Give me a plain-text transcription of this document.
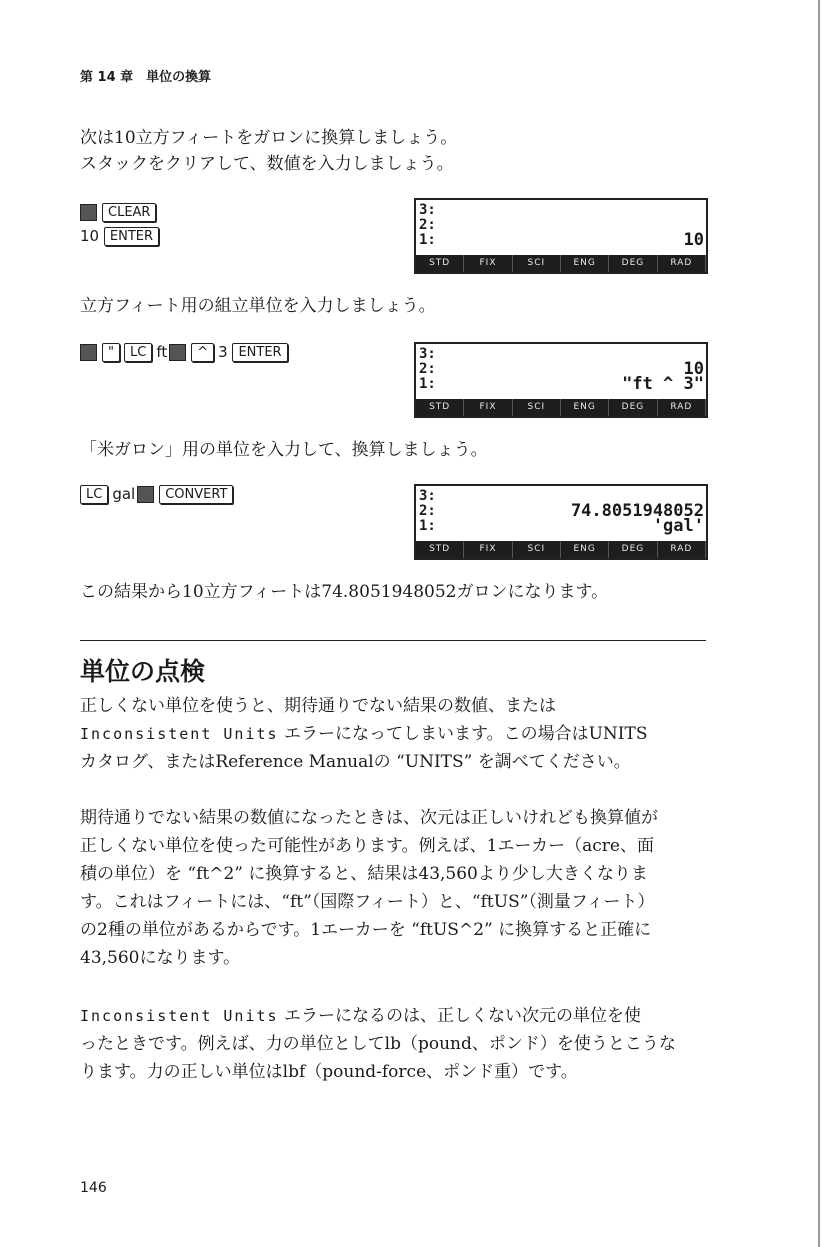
第 14 章　単位の換算

次は10立方フィートをガロンに換算しましょう。

スタックをクリアして、数値を入力しましょう。

CLEAR
10 ENTER
3:
2:
1:	10
STD	FIX	SCI	ENG	DEG	RAD

立方フィート用の組立単位を入力しましょう。

" LC ft ^ 3 ENTER	3:
2:	10
1:	"ft ^ 3"
STD	FIX	SCI	ENG	DEG	RAD

「米ガロン」用の単位を入力して、換算しましょう。

LC gal CONVERT	3:
2:	74.8051948052
1:	'gal'
STD	FIX	SCI	ENG	DEG	RAD

この結果から10立方フィートは74.8051948052ガロンになります。

単位の点検

正しくない単位を使うと、期待通りでない結果の数値、または

Inconsistent Units エラーになってしまいます。この場合はUNITS

カタログ、またはReference Manualの “UNITS” を調べてください。

期待通りでない結果の数値になったときは、次元は正しいけれども換算値が

正しくない単位を使った可能性があります。例えば、1エーカー（acre、面

積の単位）を “ft^2” に換算すると、結果は43,560より少し大きくなりま

す。これはフィートには、“ft”（国際フィート）と、“ftUS”（測量フィート）

の2種の単位があるからです。1エーカーを “ftUS^2” に換算すると正確に

43,560になります。

Inconsistent Units エラーになるのは、正しくない次元の単位を使

ったときです。例えば、力の単位としてlb（pound、ポンド）を使うとこうな

ります。力の正しい単位はlbf（pound-force、ポンド重）です。

146
